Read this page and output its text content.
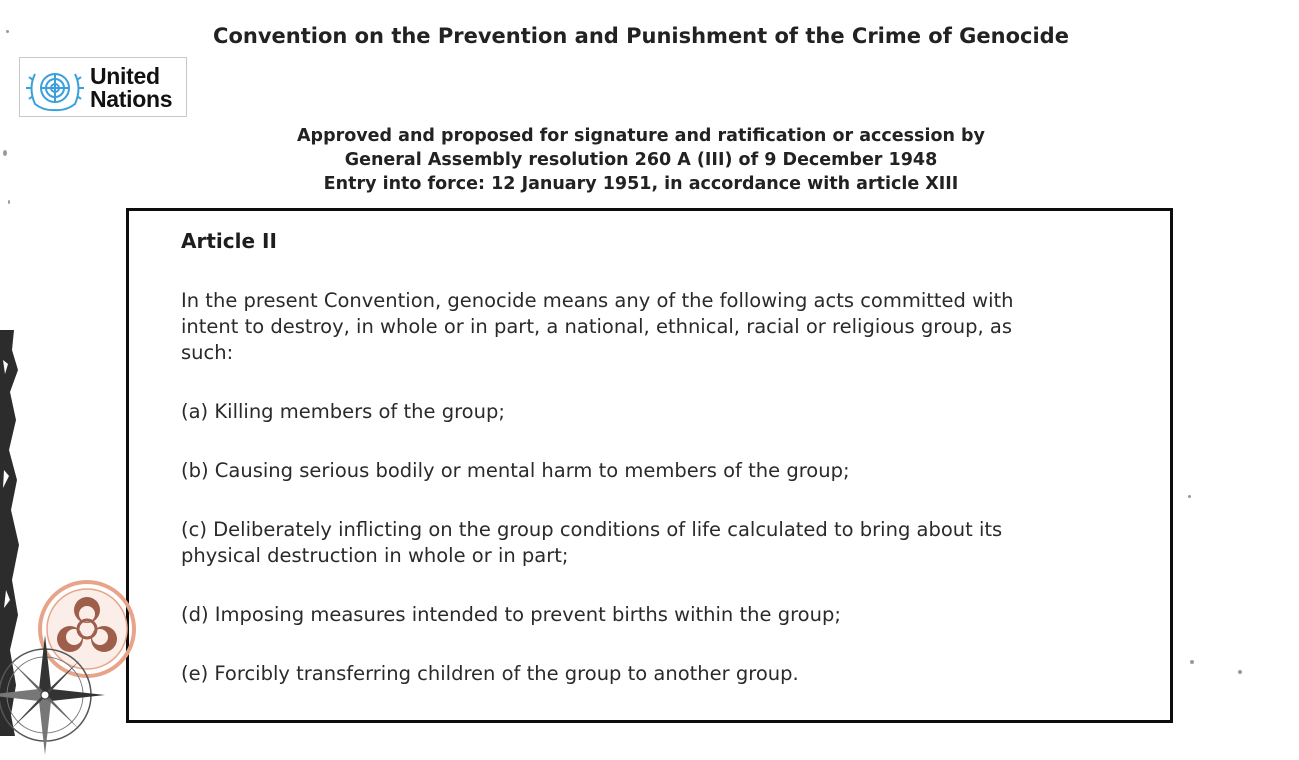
United
Nations
Convention on the Prevention and Punishment of the Crime of Genocide
Approved and proposed for signature and ratification or accession by
General Assembly resolution 260 A (III) of 9 December 1948
Entry into force: 12 January 1951, in accordance with article XIII
Article II
In the present Convention, genocide means any of the following acts committed with
intent to destroy, in whole or in part, a national, ethnical, racial or religious group, as
such:
(a) Killing members of the group;
(b) Causing serious bodily or mental harm to members of the group;
(c) Deliberately inflicting on the group conditions of life calculated to bring about its
physical destruction in whole or in part;
(d) Imposing measures intended to prevent births within the group;
(e) Forcibly transferring children of the group to another group.
